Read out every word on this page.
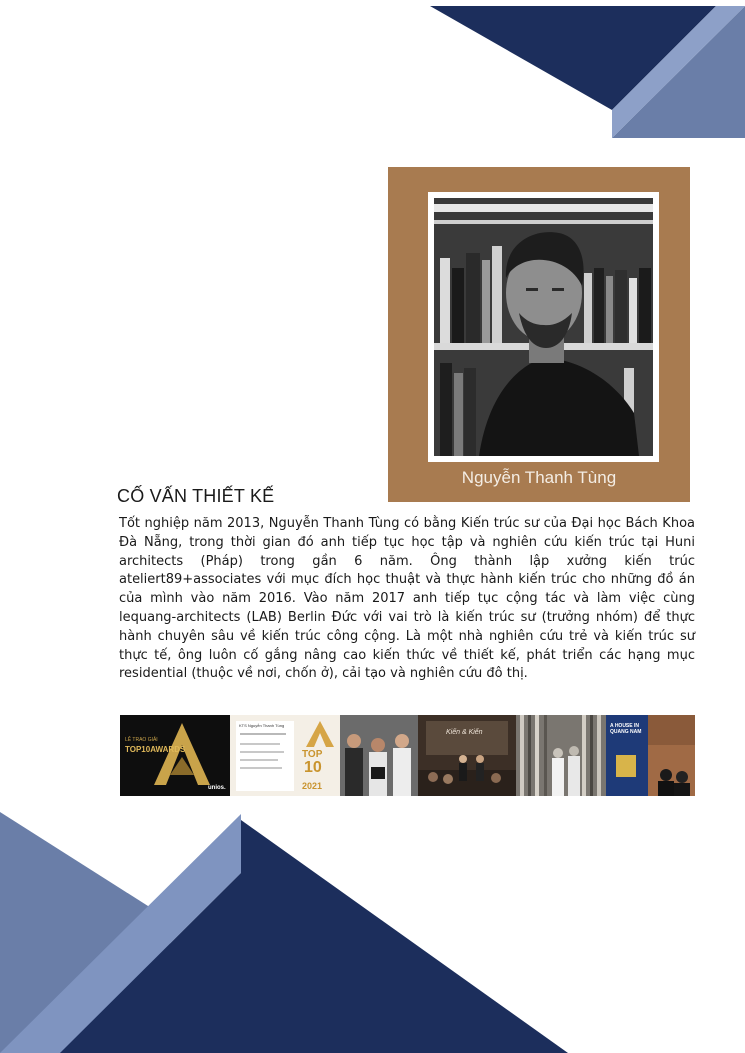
Nguyễn Thanh Tùng
CỐ VẤN THIẾT KẾ

Tốt nghiệp năm 2013, Nguyễn Thanh Tùng có bằng Kiến trúc sư của Đại học Bách Khoa Đà Nẵng, trong thời gian đó anh tiếp tục học tập và nghiên cứu kiến trúc tại Huni architects (Pháp) trong gần 6 năm. Ông thành lập xưởng kiến trúc ateliert89+associates với mục đích học thuật và thực hành kiến trúc cho những đồ án của mình vào năm 2016. Vào năm 2017 anh tiếp tục cộng tác và làm việc cùng lequang-architects (LAB) Berlin Đức với vai trò là kiến trúc sư (trưởng nhóm) để thực hành chuyên sâu về kiến trúc công cộng. Là một nhà nghiên cứu trẻ và kiến trúc sư thực tế, ông luôn cố gắng nâng cao kiến thức về thiết kế, phát triển các hạng mục residential (thuộc về nơi, chốn ở), cải tạo và nghiên cứu đô thị.

LỄ TRAO GIẢI
TOP10AWARDS
unios.
KTS Nguyễn Thanh Tùng
TOP
10
2021
Kiến & Kiến
A HOUSE IN QUANG NAM
